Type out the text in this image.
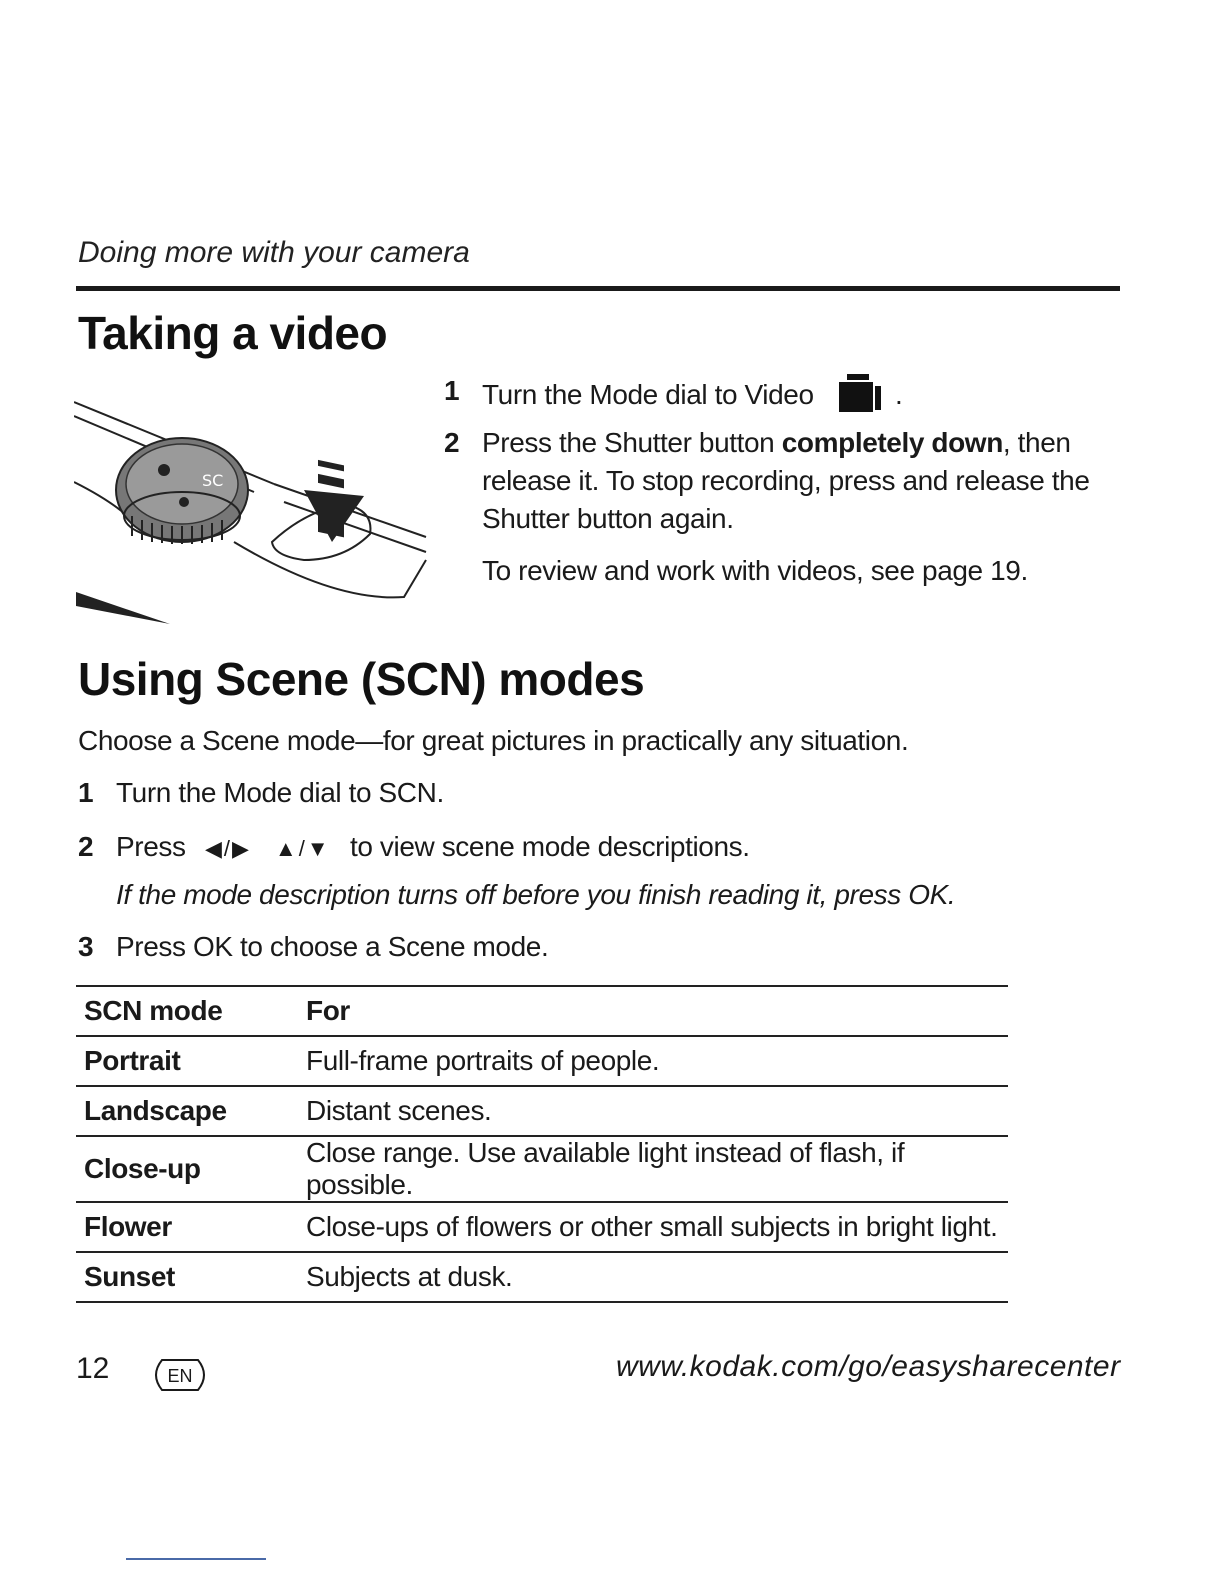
Doing more with your camera
Taking a video
SC
1 Turn the Mode dial to Video	.
2 Press the Shutter button completely down, then release it. To stop recording, press and release the Shutter button again.
To review and work with videos, see page 19.
Using Scene (SCN) modes
Choose a Scene mode—for great pictures in practically any situation.
1 Turn the Mode dial to SCN.
2 Press ◀/▶ ▲/▼ to view scene mode descriptions.
If the mode description turns off before you finish reading it, press OK.
3 Press OK to choose a Scene mode.
SCN mode	For
Portrait	Full-frame portraits of people.
Landscape	Distant scenes.
Close-up	Close range. Use available light instead of flash, if possible.
Flower	Close-ups of flowers or other small subjects in bright light.
Sunset	Subjects at dusk.
12	EN	www.kodak.com/go/easysharecenter
